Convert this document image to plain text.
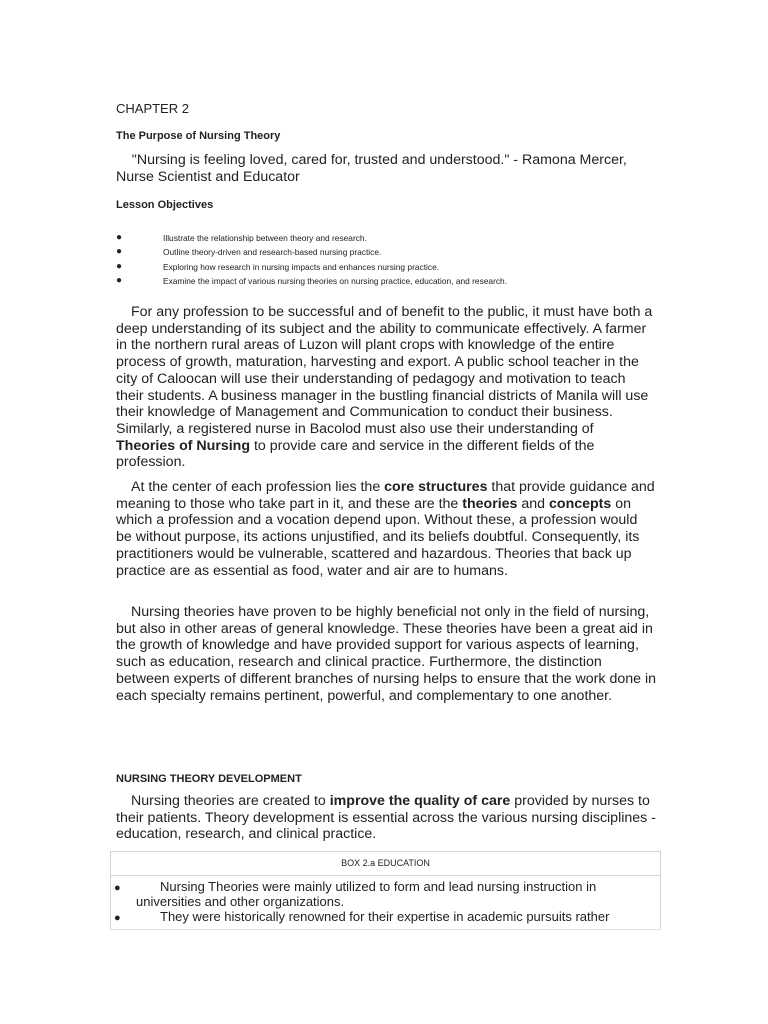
CHAPTER 2
The Purpose of Nursing Theory

"Nursing is feeling loved, cared for, trusted and understood." - Ramona Mercer, Nurse Scientist and Educator

Lesson Objectives
●	Illustrate the relationship between theory and research.
●	Outline theory-driven and research-based nursing practice.
●	Exploring how research in nursing impacts and enhances nursing practice.
●	Examine the impact of various nursing theories on nursing practice, education, and research.

For any profession to be successful and of benefit to the public, it must have both a deep understanding of its subject and the ability to communicate effectively. A farmer in the northern rural areas of Luzon will plant crops with knowledge of the entire process of growth, maturation, harvesting and export. A public school teacher in the city of Caloocan will use their understanding of pedagogy and motivation to teach their students. A business manager in the bustling financial districts of Manila will use their knowledge of Management and Communication to conduct their business. Similarly, a registered nurse in Bacolod must also use their understanding of Theories of Nursing to provide care and service in the different fields of the profession.

At the center of each profession lies the core structures that provide guidance and meaning to those who take part in it, and these are the theories and concepts on which a profession and a vocation depend upon. Without these, a profession would be without purpose, its actions unjustified, and its beliefs doubtful. Consequently, its practitioners would be vulnerable, scattered and hazardous. Theories that back up practice are as essential as food, water and air are to humans.

Nursing theories have proven to be highly beneficial not only in the field of nursing, but also in other areas of general knowledge. These theories have been a great aid in the growth of knowledge and have provided support for various aspects of learning, such as education, research and clinical practice. Furthermore, the distinction between experts of different branches of nursing helps to ensure that the work done in each specialty remains pertinent, powerful, and complementary to one another.

NURSING THEORY DEVELOPMENT

Nursing theories are created to improve the quality of care provided by nurses to their patients. Theory development is essential across the various nursing disciplines - education, research, and clinical practice.

BOX 2.a EDUCATION
●	Nursing Theories were mainly utilized to form and lead nursing instruction in universities and other organizations.
●	They were historically renowned for their expertise in academic pursuits rather
